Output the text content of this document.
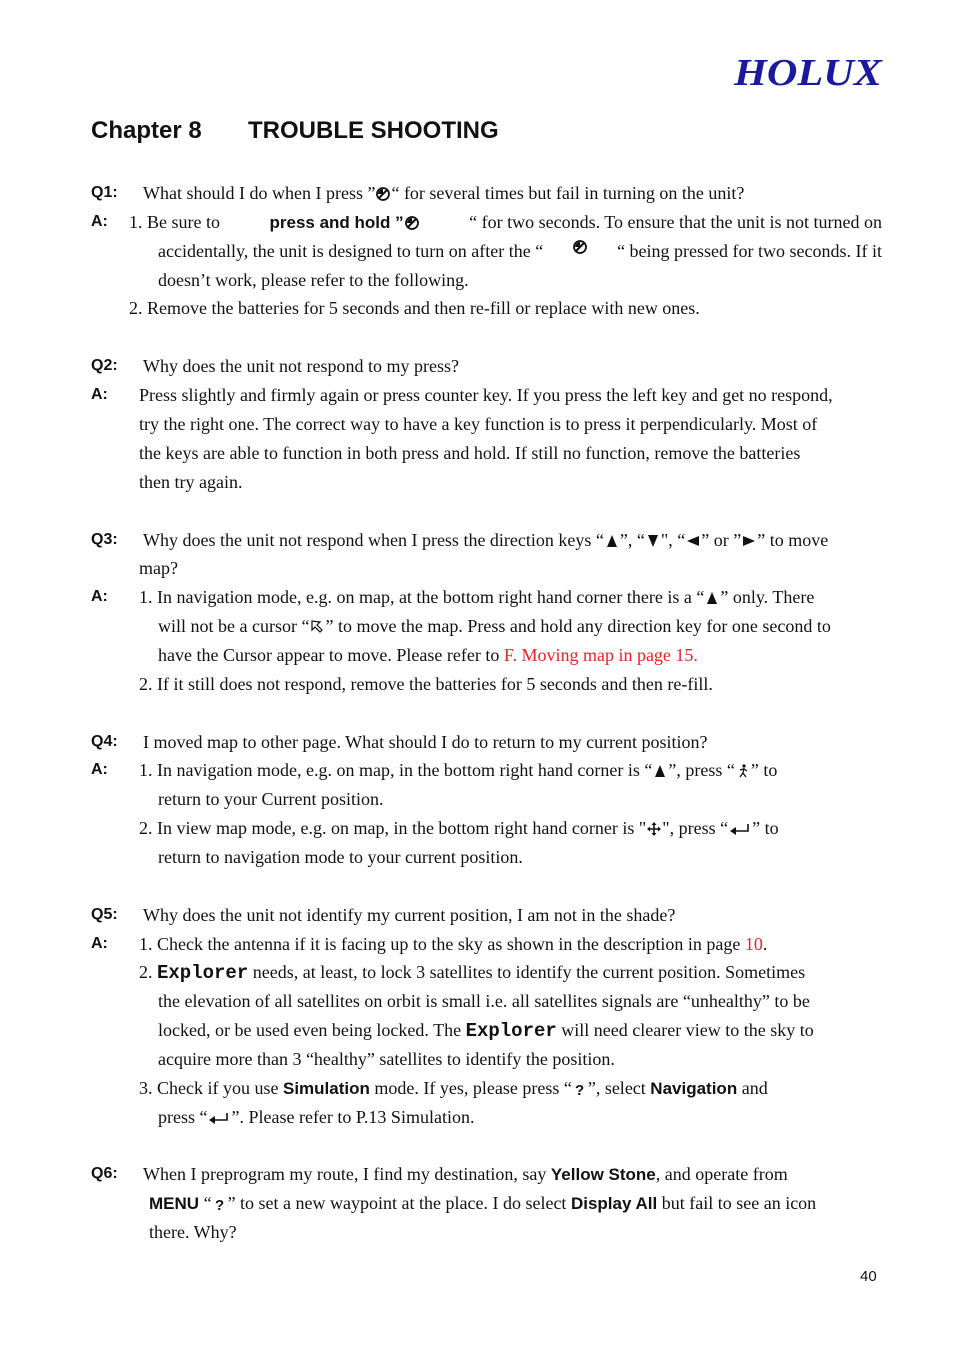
HOLUX
Chapter 8 TROUBLE SHOOTING
Q1: What should I do when I press ” “ for several times but fail in turning on the unit?
A: 1. Be sure to	press and hold ”	“ for two seconds. To ensure that the unit is not turned on
accidentally, the unit is designed to turn on after the “	“ being pressed for two seconds. If it
doesn’t work, please refer to the following.
2. Remove the batteries for 5 seconds and then re-fill or replace with new ones.
Q2: Why does the unit not respond to my press?
A: Press slightly and firmly again or press counter key. If you press the left key and get no respond,
try the right one. The correct way to have a key function is to press it perpendicularly. Most of
the keys are able to function in both press and hold. If still no function, remove the batteries
then try again.
Q3: Why does the unit not respond when I press the direction keys “ ”, “ ", “ ” or ” ” to move
map?
A: 1. In navigation mode, e.g. on map, at the bottom right hand corner there is a “ ” only. There
will not be a cursor “ ” to move the map. Press and hold any direction key for one second to
have the Cursor appear to move. Please refer to F. Moving map in page 15.
2. If it still does not respond, remove the batteries for 5 seconds and then re-fill.
Q4: I moved map to other page. What should I do to return to my current position?
A: 1. In navigation mode, e.g. on map, in the bottom right hand corner is “ ”, press “ ” to
return to your Current position.
2. In view map mode, e.g. on map, in the bottom right hand corner is " ", press “ ” to
return to navigation mode to your current position.
Q5: Why does the unit not identify my current position, I am not in the shade?
A: 1. Check the antenna if it is facing up to the sky as shown in the description in page 10.
2. Explorer needs, at least, to lock 3 satellites to identify the current position. Sometimes
the elevation of all satellites on orbit is small i.e. all satellites signals are “unhealthy” to be
locked, or be used even being locked. The Explorer will need clearer view to the sky to
acquire more than 3 “healthy” satellites to identify the position.
3. Check if you use Simulation mode. If yes, please press “ ? ”, select Navigation and
press “ ”. Please refer to P.13 Simulation.
Q6: When I preprogram my route, I find my destination, say Yellow Stone, and operate from
MENU “ ? ” to set a new waypoint at the place. I do select Display All but fail to see an icon
there. Why?
40
